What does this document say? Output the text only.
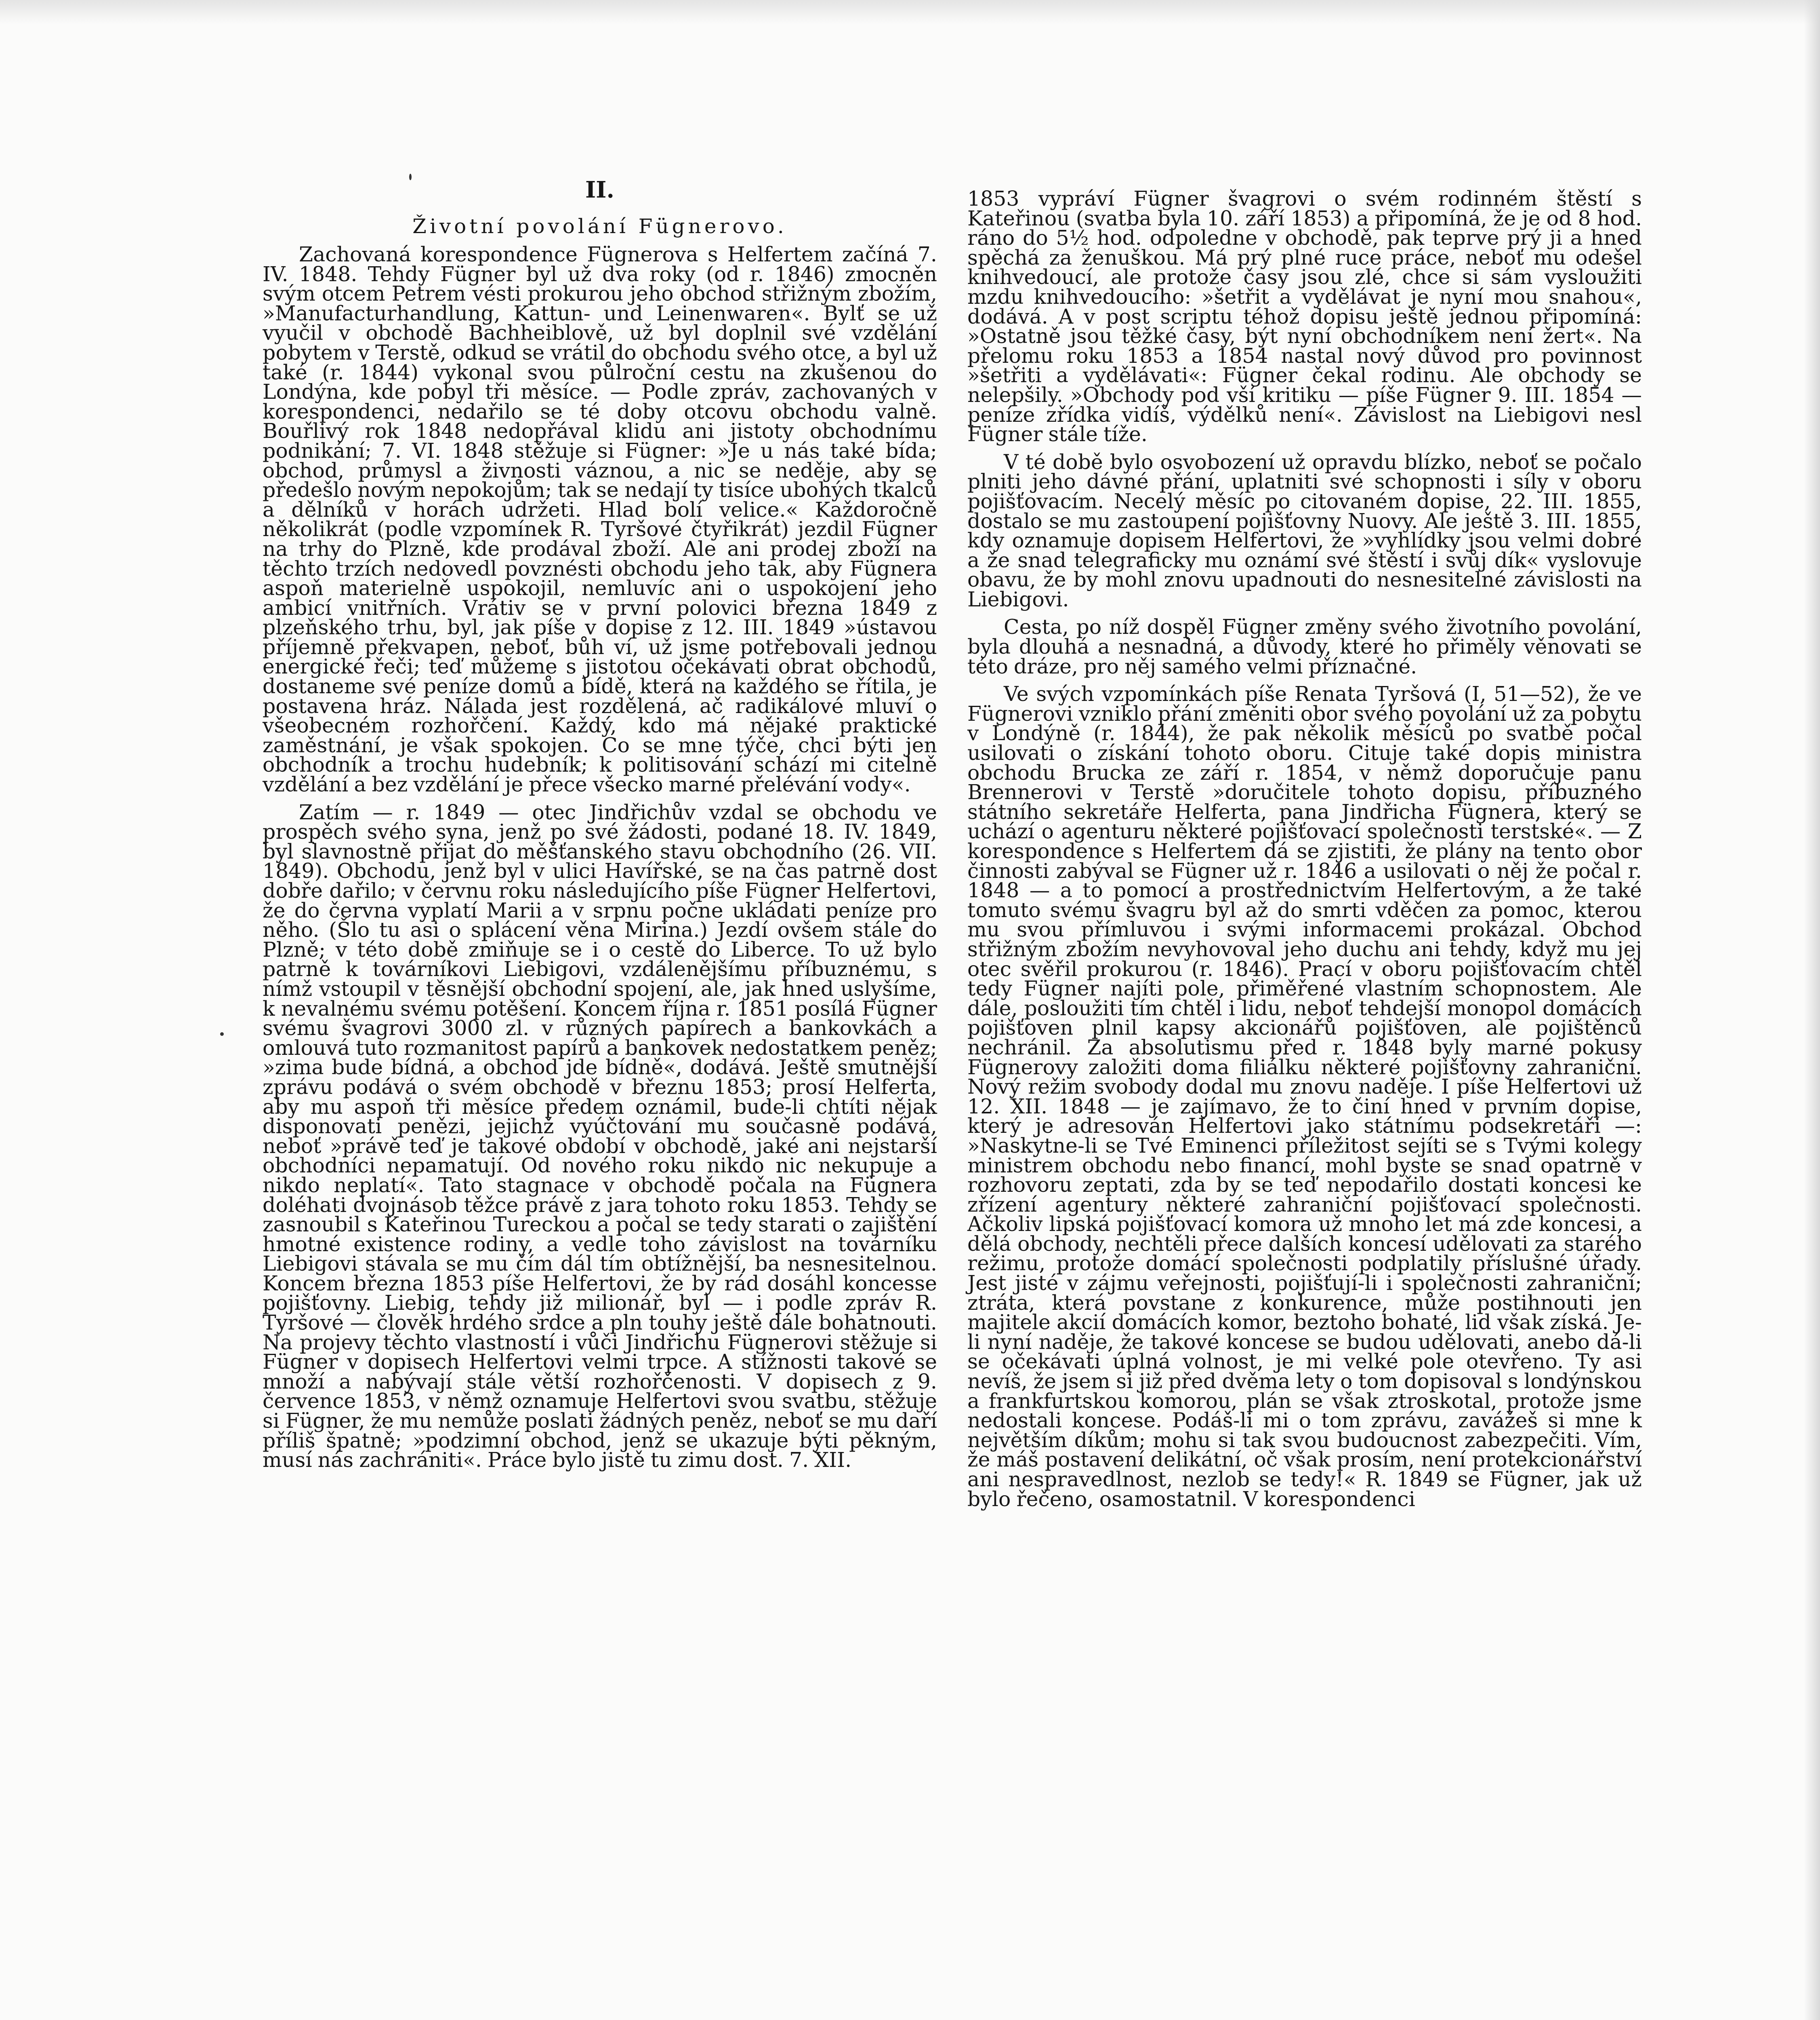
II.
Životní povolání Fügnerovo.

Zachovaná korespondence Fügnerova s Helfertem začíná 7. IV. 1848. Tehdy Fügner byl už dva roky (od r. 1846) zmocněn svým otcem Petrem vésti prokurou jeho obchod střižným zbožím, »Manufacturhandlung, Kattun- und Leinenwaren«. Bylť se už vyučil v obchodě Bachheiblově, už byl doplnil své vzdělání pobytem v Terstě, odkud se vrátil do obchodu svého otce, a byl už také (r. 1844) vykonal svou půlroční cestu na zkušenou do Londýna, kde pobyl tři měsíce. — Podle zpráv, zachovaných v korespondenci, nedařilo se té doby otcovu obchodu valně. Bouřlivý rok 1848 nedopřával klidu ani jistoty obchodnímu podnikání; 7. VI. 1848 stěžuje si Fügner: »Je u nás také bída; obchod, průmysl a živnosti váznou, a nic se neděje, aby se předešlo novým nepokojům; tak se nedají ty tisíce ubohých tkalců a dělníků v horách udržeti. Hlad bolí velice.« Každoročně několikrát (podle vzpomínek R. Tyršové čtyřikrát) jezdil Fügner na trhy do Plzně, kde prodával zboží. Ale ani prodej zboží na těchto trzích nedovedl povznésti obchodu jeho tak, aby Fügnera aspoň materielně uspokojil, nemluvíc ani o uspokojení jeho ambicí vnitřních. Vrátiv se v první polovici března 1849 z plzeňského trhu, byl, jak píše v dopise z 12. III. 1849 »ústavou příjemně překvapen, neboť, bůh ví, už jsme potřebovali jednou energické řeči; teď můžeme s jistotou očekávati obrat obchodů, dostaneme své peníze domů a bídě, která na každého se řítila, je postavena hráz. Nálada jest rozdělená, ač radikálové mluví o všeobecném rozhořčení. Každý, kdo má nějaké praktické zaměstnání, je však spokojen. Co se mne týče, chci býti jen obchodník a trochu hudebník; k politisování schází mi citelně vzdělání a bez vzdělání je přece všecko marné přelévání vody«.

Zatím — r. 1849 — otec Jindřichův vzdal se obchodu ve prospěch svého syna, jenž po své žádosti, podané 18. IV. 1849, byl slavnostně přijat do měšťanského stavu obchodního (26. VII. 1849). Obchodu, jenž byl v ulici Havířské, se na čas patrně dost dobře dařilo; v červnu roku následujícího píše Fügner Helfertovi, že do června vyplatí Marii a v srpnu počne ukládati peníze pro něho. (Šlo tu asi o splácení věna Mirina.) Jezdí ovšem stále do Plzně; v této době zmiňuje se i o cestě do Liberce. To už bylo patrně k továrníkovi Liebigovi, vzdálenějšímu příbuznému, s nímž vstoupil v těsnější obchodní spojení, ale, jak hned uslyšíme, k nevalnému svému potěšení. Koncem října r. 1851 posílá Fügner svému švagrovi 3000 zl. v různých papírech a bankovkách a omlouvá tuto rozmanitost papírů a bankovek nedostatkem peněz; »zima bude bídná, a obchod jde bídně«, dodává. Ještě smutnější zprávu podává o svém obchodě v březnu 1853; prosí Helferta, aby mu aspoň tři měsíce předem oznámil, bude-li chtíti nějak disponovati penězi, jejichž vyúčtování mu současně podává, neboť »právě teď je takové období v obchodě, jaké ani nejstarší obchodníci nepamatují. Od nového roku nikdo nic nekupuje a nikdo neplatí«. Tato stagnace v obchodě počala na Fügnera doléhati dvojnásob těžce právě z jara tohoto roku 1853. Tehdy se zasnoubil s Kateřinou Tureckou a počal se tedy starati o zajištění hmotné existence rodiny, a vedle toho závislost na továrníku Liebigovi stávala se mu čím dál tím obtížnější, ba nesnesitelnou. Koncem března 1853 píše Helfertovi, že by rád dosáhl koncesse pojišťovny. Liebig, tehdy již milionář, byl — i podle zpráv R. Tyršové — člověk hrdého srdce a pln touhy ještě dále bohatnouti. Na projevy těchto vlastností i vůči Jindřichu Fügnerovi stěžuje si Fügner v dopisech Helfertovi velmi trpce. A stížnosti takové se množí a nabývají stále větší rozhořčenosti. V dopisech z 9. července 1853, v němž oznamuje Helfertovi svou svatbu, stěžuje si Fügner, že mu nemůže poslati žádných peněz, neboť se mu daří příliš špatně; »podzimní obchod, jenž se ukazuje býti pěkným, musí nás zachrániti«. Práce bylo jistě tu zimu dost. 7. XII.

1853 vypráví Fügner švagrovi o svém rodinném štěstí s Kateřinou (svatba byla 10. září 1853) a připomíná, že je od 8 hod. ráno do 5½ hod. odpoledne v obchodě, pak teprve prý ji a hned spěchá za ženuškou. Má prý plné ruce práce, neboť mu odešel knihvedoucí, ale protože časy jsou zlé, chce si sám vysloužiti mzdu knihvedoucího: »šetřit a vydělávat je nyní mou snahou«, dodává. A v post scriptu téhož dopisu ještě jednou připomíná: »Ostatně jsou těžké časy, být nyní obchodníkem není žert«. Na přelomu roku 1853 a 1854 nastal nový důvod pro povinnost »šetřiti a vydělávati«: Fügner čekal rodinu. Ale obchody se nelepšily. »Obchody pod vší kritiku — píše Fügner 9. III. 1854 — peníze zřídka vidíš, výdělků není«. Závislost na Liebigovi nesl Fügner stále tíže.

V té době bylo osvobození už opravdu blízko, neboť se počalo plniti jeho dávné přání, uplatniti své schopnosti i síly v oboru pojišťovacím. Necelý měsíc po citovaném dopise, 22. III. 1855, dostalo se mu zastoupení pojišťovny Nuovy. Ale ještě 3. III. 1855, kdy oznamuje dopisem Helfertovi, že »vyhlídky jsou velmi dobré a že snad telegraficky mu oznámí své štěstí i svůj dík« vyslovuje obavu, že by mohl znovu upadnouti do nesnesitelné závislosti na Liebigovi.

Cesta, po níž dospěl Fügner změny svého životního povolání, byla dlouhá a nesnadná, a důvody, které ho přiměly věnovati se této dráze, pro něj samého velmi příznačné.

Ve svých vzpomínkách píše Renata Tyršová (I, 51—52), že ve Fügnerovi vzniklo přání změniti obor svého povolání už za pobytu v Londýně (r. 1844), že pak několik měsíců po svatbě počal usilovati o získání tohoto oboru. Cituje také dopis ministra obchodu Brucka ze září r. 1854, v němž doporučuje panu Brennerovi v Terstě »doručitele tohoto dopisu, příbuzného státního sekretáře Helferta, pana Jindřicha Fügnera, který se uchází o agenturu některé pojišťovací společnosti terstské«. — Z korespondence s Helfertem dá se zjistiti, že plány na tento obor činnosti zabýval se Fügner už r. 1846 a usilovati o něj že počal r. 1848 — a to pomocí a prostřednictvím Helfertovým, a že také tomuto svému švagru byl až do smrti vděčen za pomoc, kterou mu svou přímluvou i svými informacemi prokázal. Obchod střižným zbožím nevyhovoval jeho duchu ani tehdy, když mu jej otec svěřil prokurou (r. 1846). Prací v oboru pojišťovacím chtěl tedy Fügner najíti pole, přiměřené vlastním schopnostem. Ale dále, posloužiti tím chtěl i lidu, neboť tehdejší monopol domácích pojišťoven plnil kapsy akcionářů pojišťoven, ale pojištěnců nechránil. Za absolutismu před r. 1848 byly marné pokusy Fügnerovy založiti doma filiálku některé pojišťovny zahraniční. Nový režim svobody dodal mu znovu naděje. I píše Helfertovi už 12. XII. 1848 — je zajímavo, že to činí hned v prvním dopise, který je adresován Helfertovi jako státnímu podsekretáři —: »Naskytne-li se Tvé Eminenci příležitost sejíti se s Tvými kolegy ministrem obchodu nebo financí, mohl byste se snad opatrně v rozhovoru zeptati, zda by se teď nepodařilo dostati koncesi ke zřízení agentury některé zahraniční pojišťovací společnosti. Ačkoliv lipská pojišťovací komora už mnoho let má zde koncesi, a dělá obchody, nechtěli přece dalších koncesí udělovati za starého režimu, protože domácí společnosti podplatily příslušné úřady. Jest jisté v zájmu veřejnosti, pojišťují-li i společnosti zahraniční; ztráta, která povstane z konkurence, může postihnouti jen majitele akcií domácích komor, beztoho bohaté, lid však získá. Je-li nyní naděje, že takové koncese se budou udělovati, anebo dá-li se očekávati úplná volnost, je mi velké pole otevřeno. Ty asi nevíš, že jsem si již před dvěma lety o tom dopisoval s londýnskou a frankfurtskou komorou, plán se však ztroskotal, protože jsme nedostali koncese. Podáš-li mi o tom zprávu, zavážeš si mne k největším díkům; mohu si tak svou budoucnost zabezpečiti. Vím, že máš postavení delikátní, oč však prosím, není protekcionářství ani nespravedlnost, nezlob se tedy!« R. 1849 se Fügner, jak už bylo řečeno, osamostatnil. V korespondenci
